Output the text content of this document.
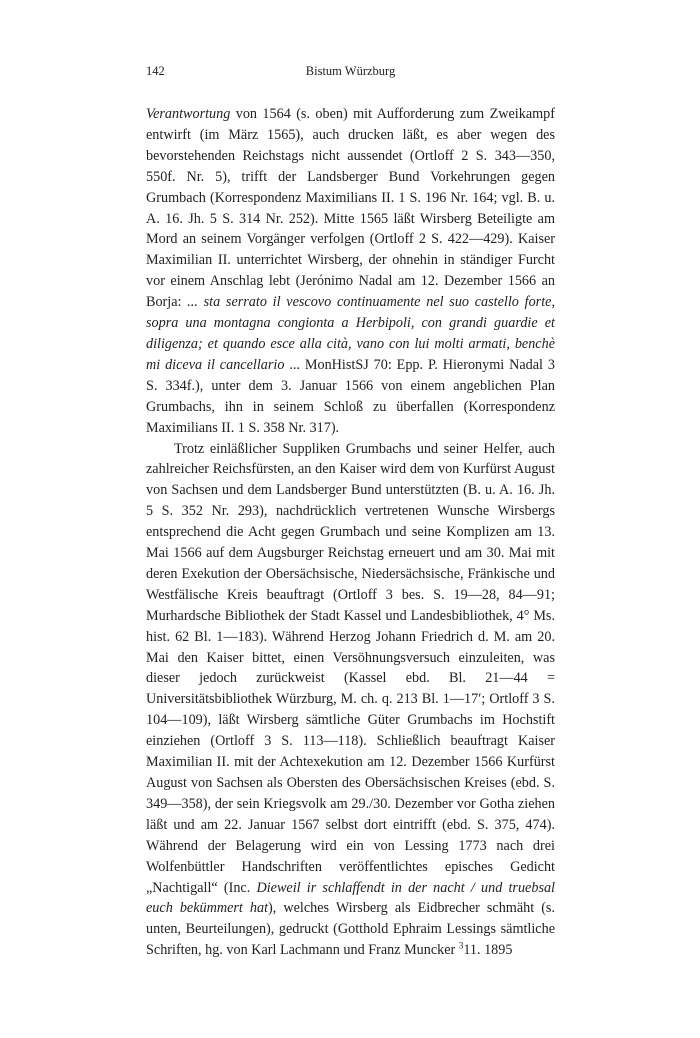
142	Bistum Würzburg

Verantwortung von 1564 (s. oben) mit Aufforderung zum Zweikampf entwirft (im März 1565), auch drucken läßt, es aber wegen des bevorstehenden Reichstags nicht aussendet (Ortloff 2 S. 343—350, 550f. Nr. 5), trifft der Landsberger Bund Vorkehrungen gegen Grumbach (Korrespondenz Maximilians II. 1 S. 196 Nr. 164; vgl. B. u. A. 16. Jh. 5 S. 314 Nr. 252). Mitte 1565 läßt Wirsberg Beteiligte am Mord an seinem Vorgänger verfolgen (Ortloff 2 S. 422—429). Kaiser Maximilian II. unterrichtet Wirsberg, der ohnehin in ständiger Furcht vor einem Anschlag lebt (Jerónimo Nadal am 12. Dezember 1566 an Borja: ... sta serrato il vescovo continuamente nel suo castello forte, sopra una montagna congionta a Herbipoli, con grandi guardie et diligenza; et quando esce alla cità, vano con lui molti armati, benchè mi diceva il cancellario ... MonHistSJ 70: Epp. P. Hieronymi Nadal 3 S. 334f.), unter dem 3. Januar 1566 von einem angeblichen Plan Grumbachs, ihn in seinem Schloß zu überfallen (Korrespondenz Maximilians II. 1 S. 358 Nr. 317).

Trotz einläßlicher Suppliken Grumbachs und seiner Helfer, auch zahlreicher Reichsfürsten, an den Kaiser wird dem von Kurfürst August von Sachsen und dem Landsberger Bund unterstützten (B. u. A. 16. Jh. 5 S. 352 Nr. 293), nachdrücklich vertretenen Wunsche Wirsbergs entsprechend die Acht gegen Grumbach und seine Komplizen am 13. Mai 1566 auf dem Augsburger Reichstag erneuert und am 30. Mai mit deren Exekution der Obersächsische, Niedersächsische, Fränkische und Westfälische Kreis beauftragt (Ortloff 3 bes. S. 19—28, 84—91; Murhardsche Bibliothek der Stadt Kassel und Landesbibliothek, 4° Ms. hist. 62 Bl. 1—183). Während Herzog Johann Friedrich d. M. am 20. Mai den Kaiser bittet, einen Versöhnungsversuch einzuleiten, was dieser jedoch zurückweist (Kassel ebd. Bl. 21—44 = Universitätsbibliothek Würzburg, M. ch. q. 213 Bl. 1—17′; Ortloff 3 S. 104—109), läßt Wirsberg sämtliche Güter Grumbachs im Hochstift einziehen (Ortloff 3 S. 113—118). Schließlich beauftragt Kaiser Maximilian II. mit der Achtexekution am 12. Dezember 1566 Kurfürst August von Sachsen als Obersten des Obersächsischen Kreises (ebd. S. 349—358), der sein Kriegsvolk am 29./30. Dezember vor Gotha ziehen läßt und am 22. Januar 1567 selbst dort eintrifft (ebd. S. 375, 474). Während der Belagerung wird ein von Lessing 1773 nach drei Wolfenbüttler Handschriften veröffentlichtes episches Gedicht „Nachtigall“ (Inc. Dieweil ir schlaffendt in der nacht / und truebsal euch bekümmert hat), welches Wirsberg als Eidbrecher schmäht (s. unten, Beurteilungen), gedruckt (Gotthold Ephraim Lessings sämtliche Schriften, hg. von Karl Lachmann und Franz Muncker $^3$11. 1895
